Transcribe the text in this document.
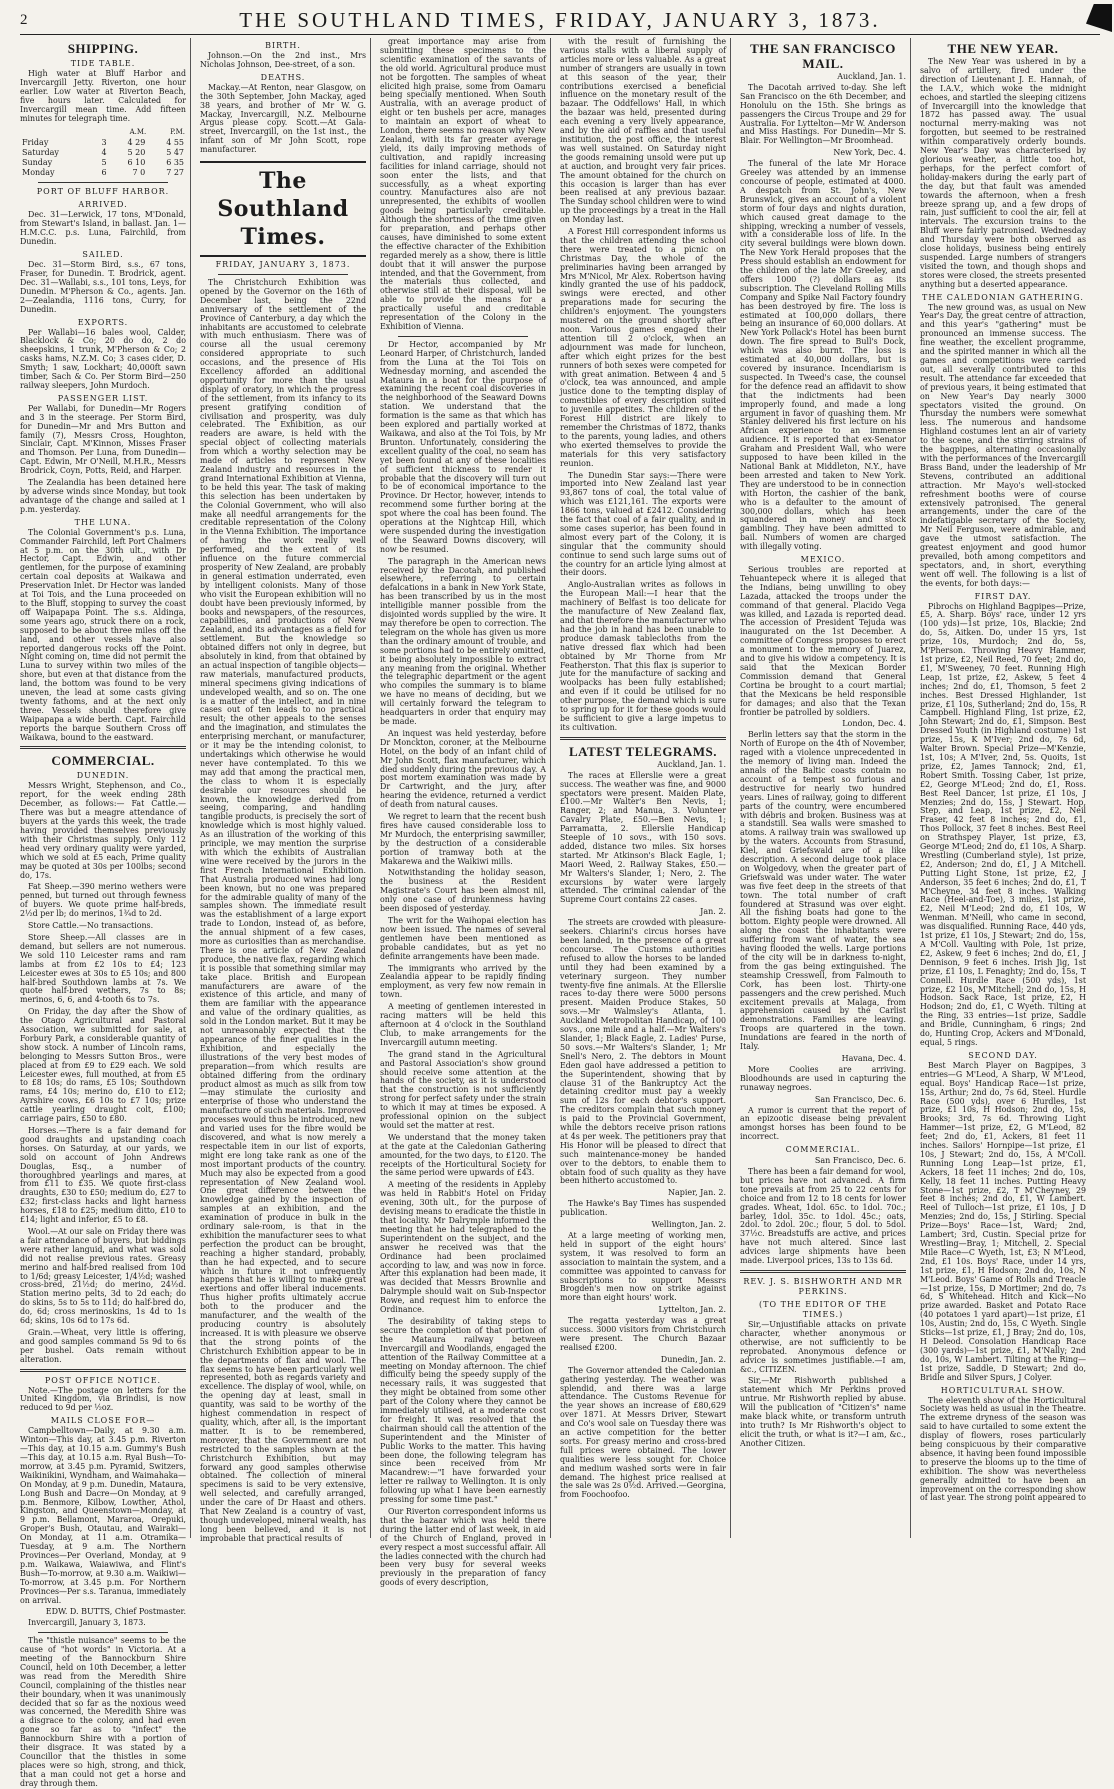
2	THE SOUTHLAND TIMES, FRIDAY, JANUARY 3, 1873.
SHIPPING.
TIDE TABLE.

High water at Bluff Harbor and Invercargill Jetty. Riverton, one hour earlier. Low water at Riverton Beach, five hours later. Calculated for Invercargill mean time. Add fifteen minutes for telegraph time.

		A.M.	P.M.
Friday	3	4 29	4 55
Saturday	4	5 20	5 47
Sunday	5	6 10	6 35
Monday	6	7 0	7 27
PORT OF BLUFF HARBOR.
ARRIVED.

Dec. 31—Lerwick, 17 tons, M'Donald, from Stewart's Island, in ballast. Jan. 1—H.M.C.C. p.s. Luna, Fairchild, from Dunedin.

SAILED.

Dec. 31—Storm Bird, s.s., 67 tons, Fraser, for Dunedin. T. Brodrick, agent. Dec. 31—Wallabi, s.s., 101 tons, Leys, for Dunedin. M'Pherson & Co., agents. Jan. 2—Zealandia, 1116 tons, Curry, for Dunedin.

EXPORTS.

Per Wallabi—16 bales wool, Calder, Blacklock & Co; 20 do do, 2 do sheepskins, 1 trunk, M'Pherson & Co; 2 casks hams, N.Z.M. Co; 3 cases cider, D. Smyth; 1 saw, Lockhart; 40,000ft sawn timber, Sach & Co. Per Storm Bird—250 railway sleepers, John Murdoch.

PASSENGER LIST.

Per Wallabi, for Dunedin—Mr Rogers and 3 in the steerage. Per Storm Bird, for Dunedin—Mr and Mrs Button and family (7), Messrs Cross, Houghton, Sinclair, Capt. M'Kinnon, Misses Fraser and Thomson. Per Luna, from Dunedin—Capt. Edwin, Mr O'Neill, M.H.R., Messrs Brodrick, Coyn, Potts, Reid, and Harper.

The Zealandia has been detained here by adverse winds since Monday, but took advantage of the change and sailed at 1 p.m. yesterday.

THE LUNA.

The Colonial Government's p.s. Luna, Commander Fairchild, left Port Chalmers at 5 p.m. on the 30th ult., with Dr Hector, Capt. Edwin, and other gentlemen, for the purpose of examining certain coal deposits at Waikawa and Preservation Inlet. Dr Hector was landed at Toi Tois, and the Luna proceeded on to the Bluff, stopping to survey the coast off Waipapapa Point. The s.s. Aldinga, some years ago, struck there on a rock, supposed to be about three miles off the land, and other vessels have also reported dangerous rocks off the Point. Night coming on, time did not permit the Luna to survey within two miles of the shore, but even at that distance from the land, the bottom was found to be very uneven, the lead at some casts giving twenty fathoms, and at the next only three. Vessels should therefore give Waipapapa a wide berth. Capt. Fairchild reports the barque Southern Cross off Waikawa, bound to the eastward.

COMMERCIAL.
DUNEDIN.

Messrs Wright, Stephenson, and Co., report, for the week ending 28th December, as follows:— Fat Cattle.—There was but a meagre attendance of buyers at the yards this week, the trade having provided themselves previously with their Christmas supply. Only 112 head very ordinary quality were yarded, which we sold at £5 each, Prime quality may be quoted at 30s per 100lbs; second do, 17s.

Fat Sheep.—390 merino wethers were penned, but turned out through fewness of buyers. We quote prime half-breds, 2½d per lb; do merinos, 1¾d to 2d.

Store Cattle.—No transactions.

Store Sheep.—All classes are in demand, but sellers are not numerous. We sold 110 Leicester rams and ram lambs at from £2 10s to £4; 123 Leicester ewes at 30s to £5 10s; and 800 half-bred Southdown lambs at 7s. We quote half-bred wethers, 7s to 8s; merinos, 6, 6, and 4-tooth 6s to 7s.

On Friday, the day after the Show of the Otago Agricultural and Pastoral Association, we submitted for sale, at Forbury Park, a considerable quantity of show stock. A number of Lincoln rams, belonging to Messrs Sutton Bros., were placed at from £9 to £29 each. We sold Leicester ewes, full mouthed, at from £5 to £8 10s; do rams, £5 10s; Southdown rams, £4 10s; merino do, £10 to £12; Ayrshire cows, £6 10s to £7 10s; prize cattle yearling draught colt, £100; carriage pairs, £50 to £80.

Horses.—There is a fair demand for good draughts and upstanding coach horses. On Saturday, at our yards, we sold on account of John Andrews Douglas, Esq., a number of thoroughbred yearlings and mares, at from £11 to £35. We quote first-class draughts, £30 to £50; medium do, £27 to £32; first-class hacks and light harness horses, £18 to £25; medium ditto, £10 to £14; light and inferior, £5 to £8.

Wool.—At our sale on Friday there was a fair attendance of buyers, but biddings were rather languid, and what was sold did not realise previous rates. Greasy merino and half-bred realised from 10d to 1/6d; greasy Leicester, 1/4½d; washed cross-bred, 21½d; do merino, 24½d. Station merino pelts, 3d to 2d each; do do skins, 5s to 5s to 11d; do half-bred do, do, 6d; cross merinoskins, 1s 4d to 1s 6d; skins, 10s 6d to 17s 6d.

Grain.—Wheat, very little is offering, and good samples command 5s 9d to 6s per bushel. Oats remain without alteration.

POST OFFICE NOTICE.

Note.—The postage on letters for the United Kingdom, via Brindisi, is now reduced to 9d per ½oz.

MAILS CLOSE FOR—

Campbelltown—Daily, at 9.30 a.m. Winton—This day, at 3.45 p.m. Riverton—This day, at 10.15 a.m. Gummy's Bush—This day, at 10.15 a.m. Ryal Bush—To-morrow, at 3.45 p.m. Pyramid, Switzers, Waikinikini, Wyndham, and Waimahaka—On Monday, at 9 p.m. Dunedin, Mataura, Long Bush and Dacre—On Monday, at 9 p.m. Benmore, Kilbow, Lowther, Athol, Kingston, and Queenstown—Monday, at 9 p.m. Bellamont, Mararoa, Orepuki, Groper's Bush, Otautau, and Wairaki—On Monday, at 11 a.m. Otramika—Tuesday, at 9 a.m. The Northern Provinces—Per Overland, Monday, at 9 p.m. Waikawa, Waiawiwa, and Flint's Bush—To-morrow, at 9.30 a.m. Waikiwi—To-morrow, at 3.45 p.m. For Northern Provinces—Per s.s. Taranua, immediately on arrival.

EDW. D. BUTTS, Chief Postmaster.

Invercargill, January 3, 1873.

The "thistle nuisance" seems to be the cause of "hot words" in Victoria. At a meeting of the Bannockburn Shire Council, held on 10th December, a letter was read from the Meredith Shire Council, complaining of the thistles near their boundary, when it was unanimously decided that so far as the noxious weed was concerned, the Meredith Shire was a disgrace to the colony, and had even gone so far as to "infect" the Bannockburn Shire with a portion of their disgrace. It was stated by a Councillor that the thistles in some places were so high, strong, and thick, that a man could not get a horse and dray through them.

BIRTH.

Johnson.—On the 2nd inst., Mrs Nicholas Johnson, Dee-street, of a son.

DEATHS.

Mackay.—At Renton, near Glasgow, on the 30th September, John Mackay, aged 38 years, and brother of Mr W. G. Mackay, Invercargill, N.Z. Melbourne Argus please copy. Scott.—At Gala-street, Invercargill, on the 1st inst., the infant son of Mr John Scott, rope manufacturer.

The Southland Times.
FRIDAY, JANUARY 3, 1873.

The Christchurch Exhibition was opened by the Governor on the 16th of December last, being the 22nd anniversary of the settlement of the Province of Canterbury, a day which the inhabitants are accustomed to celebrate with much enthusiasm. There was of course all the usual ceremony considered appropriate to such occasions, and the presence of His Excellency afforded an additional opportunity for more than the usual display of oratory, in which the progress of the settlement, from its infancy to its present gratifying condition of civilisation and prosperity, was duly celebrated. The Exhibition, as our readers are aware, is held with the special object of collecting materials from which a worthy selection may be made of articles to represent New Zealand industry and resources in the grand International Exhibition at Vienna, to be held this year. The task of making this selection has been undertaken by the Colonial Government, who will also make all needful arrangements for the creditable representation of the Colony in the Vienna Exhibition. The importance of having the work really well performed, and the extent of its influence on the future commercial prosperity of New Zealand, are probably in general estimation underrated, even by intelligent colonists. Many of those who visit the European exhibition will no doubt have been previously informed, by books and newspapers, of the resources, capabilities, and productions of New Zealand, and its advantages as a field for settlement. But the knowledge so obtained differs not only in degree, but absolutely in kind, from that obtained by an actual inspection of tangible objects—raw materials, manufactured products, mineral specimens giving indications of undeveloped wealth, and so on. The one is a matter of the intellect, and in nine cases out of ten leads to no practical result; the other appeals to the senses and the imagination, and stimulates the enterprising merchant, or manufacturer, or it may be the intending colonist, to undertakings which otherwise he would never have contemplated. To this we may add that among the practical men, the class to whom it is especially desirable our resources should be known, the knowledge derived from seeing, comparing, and handling tangible products, is precisely the sort of knowledge which is most highly valued. As an illustration of the working of this principle, we may mention the surprise with which the exhibits of Australian wine were received by the jurors in the first French International Exhibition. That Australia produced wines had long been known, but no one was prepared for the admirable quality of many of the samples shown. The immediate result was the establishment of a large export trade to London, instead of, as before, the annual shipment of a few cases, more as curiosities than as merchandise. There is one article of New Zealand produce, the native flax, regarding which it is possible that something similar may take place. British and European manufacturers are aware of the existence of this article, and many of them are familiar with the appearance and value of the ordinary qualities, as sold in the London market. But it may be not unreasonably expected that the appearance of the finer qualities in the Exhibition, and especially the illustrations of the very best modes of preparation—from which results are obtained differing from the ordinary product almost as much as silk from tow—may stimulate the curiosity and enterprise of those who understand the manufacture of such materials. Improved processes would thus be introduced, new and varied uses for the fibre would be discovered, and what is now merely a respectable item in our list of exports, might ere long take rank as one of the most important products of the country. Much may also be expected from a good representation of New Zealand wool. One great difference between the knowledge gained by the inspection of samples at an exhibition, and the examination of produce in bulk in the ordinary sale-room, is that in the exhibition the manufacturer sees to what perfection the product can be brought, reaching a higher standard, probably, than he had expected, and to secure which in future it not unfrequently happens that he is willing to make great exertions and offer liberal inducements. Thus higher profits ultimately accrue both to the producer and the manufacturer, and the wealth of the producing country is absolutely increased. It is with pleasure we observe that the strong points of the Christchurch Exhibition appear to be in the departments of flax and wool. The flax seems to have been particularly well represented, both as regards variety and excellence. The display of wool, while, on the opening day at least, small in quantity, was said to be worthy of the highest commendation in respect of quality, which, after all, is the important matter. It is to be remembered, moreover, that the Government are not restricted to the samples shown at the Christchurch Exhibition, but may forward any good samples otherwise obtained. The collection of mineral specimens is said to be very extensive, well selected, and carefully arranged, under the care of Dr Haast and others. That New Zealand is a country of vast, though undeveloped, mineral wealth, has long been believed, and it is not improbable that practical results of

great importance may arise from submitting these specimens to the scientific examination of the savants of the old world. Agricultural produce must not be forgotten. The samples of wheat elicited high praise, some from Oamaru being specially mentioned. When South Australia, with an average product of eight or ten bushels per acre, manages to maintain an export of wheat to London, there seems no reason why New Zealand, with its far greater average yield, its daily improving methods of cultivation, and rapidly increasing facilities for inland carriage, should not soon enter the lists, and that successfully, as a wheat exporting country. Manufactures also are not unrepresented, the exhibits of woollen goods being particularly creditable. Although the shortness of the time given for preparation, and perhaps other causes, have diminished to some extent the effective character of the Exhibition regarded merely as a show, there is little doubt that it will answer the purpose intended, and that the Government, from the materials thus collected, and otherwise still at their disposal, will be able to provide the means for a practically useful and creditable representation of the Colony in the Exhibition of Vienna.

Dr Hector, accompanied by Mr Leonard Harper, of Christchurch, landed from the Luna at the Toi Tois on Wednesday morning, and ascended the Mataura in a boat for the purpose of examining the recent coal discoveries in the neighborhood of the Seaward Downs station. We understand that the formation is the same as that which has been explored and partially worked at Waikawa, and also at the Toi Tois, by Mr Brunton. Unfortunately, considering the excellent quality of the coal, no seam has yet been found at any of these localities of sufficient thickness to render it probable that the discovery will turn out to be of economical importance to the Province. Dr Hector, however, intends to recommend some further boring at the spot where the coal has been found. The operations at the Nightcap Hill, which were suspended during the investigation of the Seaward Downs discovery, will now be resumed.

The paragraph in the American news received by the Dacotah, and published elsewhere, referring to certain defalcations in a bank in New York State, has been transcribed by us in the most intelligible manner possible from the disjointed words supplied by the wire. It may therefore be open to correction. The telegram on the whole has given us more than the ordinary amount of trouble, and some portions had to be entirely omitted, it being absolutely impossible to extract any meaning from the original. Whether the telegraphic department or the agent who compiles the summary is to blame we have no means of deciding, but we will certainly forward the telegram to headquarters in order that enquiry may be made.

An inquest was held yesterday, before Dr Monckton, coroner, at the Melbourne Hotel, on the body of an infant child of Mr John Scott, flax manufacturer, which died suddenly during the previous day. A post mortem examination was made by Dr Cartwright, and the jury, after hearing the evidence, returned a verdict of death from natural causes.

We regret to learn that the recent bush fires have caused considerable loss to Mr Murdoch, the enterprising sawmiller, by the destruction of a considerable portion of tramway both at the Makarewa and the Waikiwi mills.

Notwithstanding the holiday season, the business at the Resident Magistrate's Court has been almost nil, only one case of drunkenness having been disposed of yesterday.

The writ for the Waihopai election has now been issued. The names of several gentlemen have been mentioned as probable candidates, but as yet no definite arrangements have been made.

The immigrants who arrived by the Zealandia appear to be rapidly finding employment, as very few now remain in town.

A meeting of gentlemen interested in racing matters will be held this afternoon at 4 o'clock in the Southland Club, to make arrangements for the Invercargill autumn meeting.

The grand stand in the Agricultural and Pastoral Association's show ground should receive some attention at the hands of the society, as it is understood that the construction is not sufficiently strong for perfect safety under the strain to which it may at times be exposed. A professional opinion on the subject would set the matter at rest.

We understand that the money taken at the gate at the Caledonian Gathering amounted, for the two days, to £120. The receipts of the Horticultural Society for the same period were upwards of £43.

A meeting of the residents in Appleby was held in Rabbit's Hotel on Friday evening, 30th ult., for the purpose of devising means to eradicate the thistle in that locality. Mr Dalrymple informed the meeting that he had telegraphed to the Superintendent on the subject, and the answer he received was that the Ordinance had been proclaimed according to law, and was now in force. After this explanation had been made, it was decided that Messrs Brownlie and Dalrymple should wait on Sub-Inspector Rowe, and request him to enforce the Ordinance.

The desirability of taking steps to secure the completion of that portion of the Mataura railway between Invercargill and Woodlands, engaged the attention of the Railway Committee at a meeting on Monday afternoon. The chief difficulty being the speedy supply of the necessary rails, it was suggested that they might be obtained from some other part of the Colony where they cannot be immediately utilised, at a moderate cost for freight. It was resolved that the chairman should call the attention of the Superintendent and the Minister of Public Works to the matter. This having been done, the following telegram has since been received from Mr Macandrew:—"I have forwarded your letter re railway to Wellington. It is only following up what I have been earnestly pressing for some time past."

Our Riverton correspondent informs us that the bazaar which was held there during the latter end of last week, in aid of the Church of England, proved in every respect a most successful affair. All the ladies connected with the church had been very busy for several weeks previously in the preparation of fancy goods of every description,

with the result of furnishing the various stalls with a liberal supply of articles more or less valuable. As a great number of strangers are usually in town at this season of the year, their contributions exercised a beneficial influence on the monetary result of the bazaar. The Oddfellows' Hall, in which the bazaar was held, presented during each evening a very lively appearance, and by the aid of raffles and that useful institution, the post office, the interest was well sustained. On Saturday night the goods remaining unsold were put up at auction, and brought very fair prices. The amount obtained for the church on this occasion is larger than has ever been realised at any previous bazaar. The Sunday school children were to wind up the proceedings by a treat in the Hall on Monday last.

A Forest Hill correspondent informs us that the children attending the school there were treated to a picnic on Christmas Day, the whole of the preliminaries having been arranged by Mrs M'Nicol, Mr Alex. Robertson having kindly granted the use of his paddock, swings were erected, and other preparations made for securing the children's enjoyment. The youngsters mustered on the ground shortly after noon. Various games engaged their attention till 2 o'clock, when an adjournment was made for luncheon, after which eight prizes for the best runners of both sexes were competed for with great animation. Between 4 and 5 o'clock, tea was announced, and ample justice done to the tempting display of comestibles of every description suited to juvenile appetites. The children of the Forest Hill district are likely to remember the Christmas of 1872, thanks to the parents, young ladies, and others who exerted themselves to provide the materials for this very satisfactory reunion.

The Dunedin Star says:—There were imported into New Zealand last year 93,867 tons of coal, the total value of which was £121,161. The exports were 1866 tons, valued at £2412. Considering the fact that coal of a fair quality, and in some cases superior, has been found in almost every part of the Colony, it is singular that the community should continue to send such large sums out of the country for an article lying almost at their doors.

Anglo-Australian writes as follows in the European Mail:—I hear that the machinery of Belfast is too delicate for the manufacture of New Zealand flax, and that therefore the manufacturer who had the job in hand has been unable to produce damask tablecloths from the native dressed flax which had been obtained by Mr Thorne from Mr Featherston. That this flax is superior to jute for the manufacture of sacking and woolpacks has been fully established; and even if it could be utilised for no other purpose, the demand which is sure to spring up for it for these goods would be sufficient to give a large impetus to its cultivation.

LATEST TELEGRAMS.
Auckland, Jan. 1.

The races at Ellerslie were a great success. The weather was fine, and 9000 spectators were present. Maiden Plate, £100.—Mr Walter's Ben Nevis, 1; Ranger, 2; and Manuа, 3. Volunteer Cavalry Plate, £50.—Ben Nevis, 1; Parramatta, 2. Ellerslie Handicap Steeple of 10 sovs., with 150 sovs. added, distance two miles. Six horses started. Mr Atkinson's Black Eagle, 1; Maori Weed, 2. Railway Stakes, £50.—Mr Walters's Slander, 1; Nero, 2. The excursions by water were largely attended. The criminal calendar of the Supreme Court contains 22 cases.

Jan. 2.

The streets are crowded with pleasure-seekers. Chiarini's circus horses have been landed, in the presence of a great concourse. The Customs authorities refused to allow the horses to be landed until they had been examined by a veterinary surgeon. They number twenty-five fine animals. At the Ellerslie races to-day there were 5000 persons present. Maiden Produce Stakes, 50 sovs.—Mr Walmsley's Atlanta, 1. Auckland Metropolitan Handicap, of 100 sovs., one mile and a half.—Mr Walters's Slander, 1; Black Eagle, 2. Ladies' Purse, 50 sovs.—Mr Walters's Slander, 1; Mr Snell's Nero, 2. The debtors in Mount Eden gaol have addressed a petition to the Superintendent, showing that by clause 31 of the Bankruptcy Act the detaining creditor must pay a weekly sum of 12s for each debtor's support. The creditors complain that such money is paid to the Provincial Government, while the debtors receive prison rations at 4s per week. The petitioners pray that His Honor will be pleased to direct that such maintenance-money be handed over to the debtors, to enable them to obtain food of such quality as they have been hitherto accustomed to.

Napier, Jan. 2.

The Hawke's Bay Times has suspended publication.

Wellington, Jan. 2.

At a large meeting of working men, held in support of the eight hours' system, it was resolved to form an association to maintain the system, and a committee was appointed to canvass for subscriptions to support Messrs Brogden's men now on strike against more than eight hours' work.

Lyttelton, Jan. 2.

The regatta yesterday was a great success. 3000 visitors from Christchurch were present. The Church Bazaar realised £200.

Dunedin, Jan. 2.

The Governor attended the Caledonian gathering yesterday. The weather was splendid, and there was a large attendance. The Customs Revenue for the year shows an increase of £80,629 over 1871. At Messrs Driver, Stewart and Co's wool sale on Tuesday there was an active competition for the better sorts. For greasy merino and cross-bred full prices were obtained. The lower qualities were less sought for. Choice and medium washed sorts were in fair demand. The highest price realised at the sale was 2s 0½d. Arrived.—Georgina, from Foochoofoo.

THE SAN FRANCISCO MAIL.
Auckland, Jan. 1.

The Dacotah arrived to-day. She left San Francisco on the 6th December, and Honolulu on the 15th. She brings as passengers the Circus Troupe and 29 for Australia. For Lyttelton—Mr W. Anderson and Miss Hastings. For Dunedin—Mr S. Blair. For Wellington—Mr Broomhead.

New York, Dec. 4.

The funeral of the late Mr Horace Greeley was attended by an immense concourse of people, estimated at 4000. A despatch from St. John's, New Brunswick, gives an account of a violent storm of four days and nights duration, which caused great damage to the shipping, wrecking a number of vessels, with a considerable loss of life. In the city several buildings were blown down. The New York Herald proposes that the Press should establish an endowment for the children of the late Mr Greeley, and offers 1000 (?) dollars as its subscription. The Cleveland Rolling Mills Company and Spike Nail Factory foundry has been destroyed by fire. The loss is estimated at 100,000 dollars, there being an insurance of 60,000 dollars. At New York Pollack's Hotel has been burnt down. The fire spread to Bull's Dock, which was also burnt. The loss is estimated at 40,000 dollars, but is covered by insurance. Incendiarism is suspected. In Tweed's case, the counsel for the defence read an affidavit to show that the indictments had been improperly found, and made a long argument in favor of quashing them. Mr Stanley delivered his first lecture on his African experience to an immense audience. It is reported that ex-Senator Graham and President Wall, who were supposed to have been killed in the National Bank at Middleton, N.Y., have been arrested and taken to New York. They are understood to be in connection with Horton, the cashier of the bank, who is a defaulter to the amount of 300,000 dollars, which has been squandered in money and stock gambling. They have been admitted to bail. Numbers of women are charged with illegally voting.

MEXICO.

Serious troubles are reported at Tehuantepeck where it is alleged that the Indians, being unwilling to obey Lazada, attacked the troops under the command of that general. Placido Vega was killed, and Lazada is reported dead. The accession of President Tejuda was inaugurated on the 1st December. A committee of Congress proposes to erect a monument to the memory of Juarez, and to give his widow a competency. It is said that the Mexican Border Commission demand that General Cortina be brought to a court martial; that the Mexicans be held responsible for damages; and also that the Texan frontier be patrolled by soldiers.

London, Dec. 4.

Berlin letters say that the storm in the North of Europe on the 4th of November, raged with a violence unprecedented in the memory of living man. Indeed the annals of the Baltic coasts contain no account of a tempest so furious and destructive for nearly two hundred years. Lines of railway, going to different parts of the country, were encumbered with débris and broken. Business was at a standstill. Sea walls were smashed to atoms. A railway train was swallowed up by the waters. Accounts from Strasund, Kiel, and Griefswald are of a like description. A second deluge took place on Wolgedovy, when the greater part of Griefswald was under water. The water was five feet deep in the streets of that town. The total number of craft foundered at Strasund was over eight. All the fishing boats had gone to the bottom. Eighty people were drowned. All along the coast the inhabitants were suffering from want of water, the sea having flooded the wells. Large portions of the city will be in darkness to-night, from the gas being extinguished. The steamship Cresswell, from Falmouth to Cork, has been lost. Thirty-one passengers and the crew perished. Much excitement prevails at Malaga, from apprehension caused by the Carlist demonstrations. Families are leaving. Troops are quartered in the town. Inundations are feared in the north of Italy.

Havana, Dec. 4.

More Coolies are arriving. Bloodhounds are used in capturing the runaway negroes.

San Francisco, Dec. 6.

A rumor is current that the report of an epizootic disease being prevalent amongst horses has been found to be incorrect.

COMMERCIAL.
San Francisco, Dec. 6.

There has been a fair demand for wool, but prices have not advanced. A firm tone prevails at from 25 to 22 cents for choice and from 12 to 18 cents for lower grades. Wheat, 1dol. 65c. to 1dol. 70c.; barley, 1dol. 35c. to 1dol. 45c.; oats, 2dol. to 2dol. 20c.; flour, 5 dol. to 5dol. 37½c. Breadstuffs are active, and prices have not much altered. Since last advices large shipments have been made. Liverpool prices, 13s to 13s 6d.

REV. J. S. BISHWORTH AND MR PERKINS.
(TO THE EDITOR OF THE TIMES.)

Sir,—Unjustifiable attacks on private character, whether anonymous or otherwise, are not sufficiently to be reprobated. Anonymous defence or advice is sometimes justifiable.—I am, &c., CITIZEN.

Sir,—Mr Rishworth published a statement which Mr Perkins proved untrue. Mr Rishworth replied by abuse. Will the publication of "Citizen's" name make black white, or transform untruth into truth? Is Mr Rishworth's object to elicit the truth, or what is it?—I am, &c., Another Citizen.

THE NEW YEAR.

The New Year was ushered in by a salvo of artillery, fired under the direction of Lieutenant J. E. Hannah, of the I.A.V., which woke the midnight echoes, and startled the sleeping citizens of Invercargill into the knowledge that 1872 has passed away. The usual nocturnal merry-making was not forgotten, but seemed to be restrained within comparatively orderly bounds. New Year's Day was characterised by glorious weather, a little too hot, perhaps, for the perfect comfort of holiday-makers during the early part of the day, but that fault was amended towards the afternoon, when a fresh breeze sprang up, and a few drops of rain, just sufficient to cool the air, fell at intervals. The excursion trains to the Bluff were fairly patronised. Wednesday and Thursday were both observed as close holidays, business being entirely suspended. Large numbers of strangers visited the town, and though shops and stores were closed, the streets presented anything but a deserted appearance.

THE CALEDONIAN GATHERING.

The new ground was, as usual on New Year's Day, the great centre of attraction, and this year's "gathering" must be pronounced an immense success. The fine weather, the excellent programme, and the spirited manner in which all the games and competitions were carried out, all severally contributed to this result. The attendance far exceeded that of previous years, it being estimated that on New Year's Day nearly 3000 spectators visited the ground. On Thursday the numbers were somewhat less. The numerous and handsome Highland costumes lent an air of variety to the scene, and the stirring strains of the bagpipes, alternating occasionally with the performances of the Invercargill Brass Band, under the leadership of Mr Stevens, contributed an additional attraction. Mr Mayo's well-stocked refreshment booths were of course extensively patronised. The general arrangements, under the care of the indefatigable secretary of the Society, Mr Neil Ferguson, were admirable, and gave the utmost satisfaction. The greatest enjoyment and good humor prevailed, both among competitors and spectators, and, in short, everything went off well. The following is a list of the events, for both days:—

FIRST DAY.

Pibrochs on Highland Bagpipes—Prize, £5, A. Sharp. Boys' race, under 12 yrs (100 yds)—1st prize, 10s, Blackie; 2nd do, 5s, Aitken. Do, under 15 yrs, 1st prize, 10s, Murdoch; 2nd do, 5s, M'Pherson. Throwing Heavy Hammer, 1st prize, £2, Neil Reed, 70 feet; 2nd do, £1, M'Sweeney, 70 feet. Running High Leap, 1st prize, £2, Askew, 5 feet 4 inches; 2nd do, £1, Thomson, 5 feet 2 inches. Best Dressed Highlander, 1st prize, £1 10s, Sutherland; 2nd do, 15s, R Campbell. Highland Fling, 1st prize, £2, John Stewart; 2nd do, £1, Simpson. Best Dressed Youth (in Highland costume) 1st prize, 15s, K M'Iver; 2nd do, 7s 6d, Walter Brown. Special Prize—M'Kenzie, 1st, 10s; A M'Iver, 2nd, 5s. Quoits, 1st prize, £2, James Tannock; 2nd, £1, Robert Smith. Tossing Caber, 1st prize, £2, George M'Leod; 2nd do, £1, Ross. Best Reel Dancer, 1st prize, £1 10s, J Menzies; 2nd do, 15s, J Stewart. Hop, Step, and Leap, 1st prize, £2, Neil Fraser, 42 feet 8 inches; 2nd do, £1, Thos Pollock, 37 feet 8 inches. Best Reel on Strathspey Player, 1st prize, £3, George M'Leod; 2nd do, £1 10s, A Sharp. Wrestling (Cumberland style), 1st prize, £2, Anderson; 2nd do, £1, J A Mitchell. Putting Light Stone, 1st prize, £2, J Anderson, 35 feet 6 inches; 2nd do, £1, T M'Cheyne, 34 feet 8 inches. Walking Race (Heel-and-Toe), 3 miles, 1st prize, £2, Neil M'Leod; 2nd do, £1 10s, W Wenman. M'Neill, who came in second, was disqualified. Running Race, 440 yds, 1st prize, £1 10s, J Stewart; 2nd do, 15s, A M'Coll. Vaulting with Pole, 1st prize, £2, Askew, 9 feet 6 inches; 2nd do, £1, J Dennison, 9 feet 6 inches. Irish Jig, 1st prize, £1 10s, L Fenaghty; 2nd do, 15s, T Connell. Hurdle Race (500 yds), 1st prize, £2 10s, M'Mitchell; 2nd do, 15s, H Hodson. Sack Race, 1st prize, £2, H Hodson; 2nd do, £1, C Wyeth. Tilting at the Ring, 33 entries—1st prize, Saddle and Bridle, Cunningham, 6 rings; 2nd do, Hunting Crop, Ackers and M'Donald, equal, 5 rings.

SECOND DAY.

Best March Player on Bagpipes, 3 entries—G M'Leod, A Sharp, W M'Leod, equal. Boys' Handicap Race—1st prize, 15s, Arthur; 2nd do, 7s 6d, Steel. Hurdle Race (500 yds), over 6 Hurdles, 1st prize, £1 10s, H Hodson; 2nd do, 15s, Brooks; 3rd, 7s 6d. Throwing Light Hammer—1st prize, £2, G M'Leod, 82 feet; 2nd do, £1, Ackers, 81 feet 11 inches. Sailors' Hornpipe—1st prize, £1 10s, J Stewart; 2nd do, 15s, A M'Coll. Running Long Leap—1st prize, £1, Ackers, 18 feet 11 inches; 2nd do, 10s, Kelly, 18 feet 11 inches. Putting Heavy Stone—1st prize, £2, T M'Cheyney, 29 feet 8 inches; 2nd do, £1, W Lambert. Reel of Tulloch—1st prize, £1 10s, J D Menzies; 2nd do, 15s, J Stirling. Special Prize—Boys' Race—1st, Ward; 2nd, Lambert; 3rd, Custin. Special prize for Wrestling—Bray, 1; Mitchell, 2. Special Mile Race—C Wyeth, 1st, £3; N M'Leod, 2nd, £1 10s. Boys' Race, under 14 yrs, 1st prize, £1, H Hodson; 2nd do, 10s, N M'Leod. Boys' Game of Rolls and Treacle—1st prize, 15s, D Mortimer; 2nd do, 7s 6d, S Whitehead. Hitch and Kick—No prize awarded. Basket and Potato Race (40 potatoes 1 yard apart)—1st prize, £1 10s, Austin; 2nd do, 15s, C Wyeth. Single Sticks—1st prize, £1, J Bray; 2nd do, 10s, H Deleod. Consolation Handicap Race (300 yards)—1st prize, £1, M'Nally; 2nd do, 10s, W Lambert. Tilting at the Ring—1st prize, Saddle, D Stewart; 2nd do, Bridle and Silver Spurs, J Colyer.

HORTICULTURAL SHOW.

The eleventh show of the Horticultural Society was held as usual in the Theatre. The extreme dryness of the season was said to have curtailed to some extent the display of flowers, roses particularly being conspicuous by their comparative absence, it having been found impossible to preserve the blooms up to the time of exhibition. The show was nevertheless generally admitted to have been an improvement on the corresponding show of last year. The strong point appeared to
